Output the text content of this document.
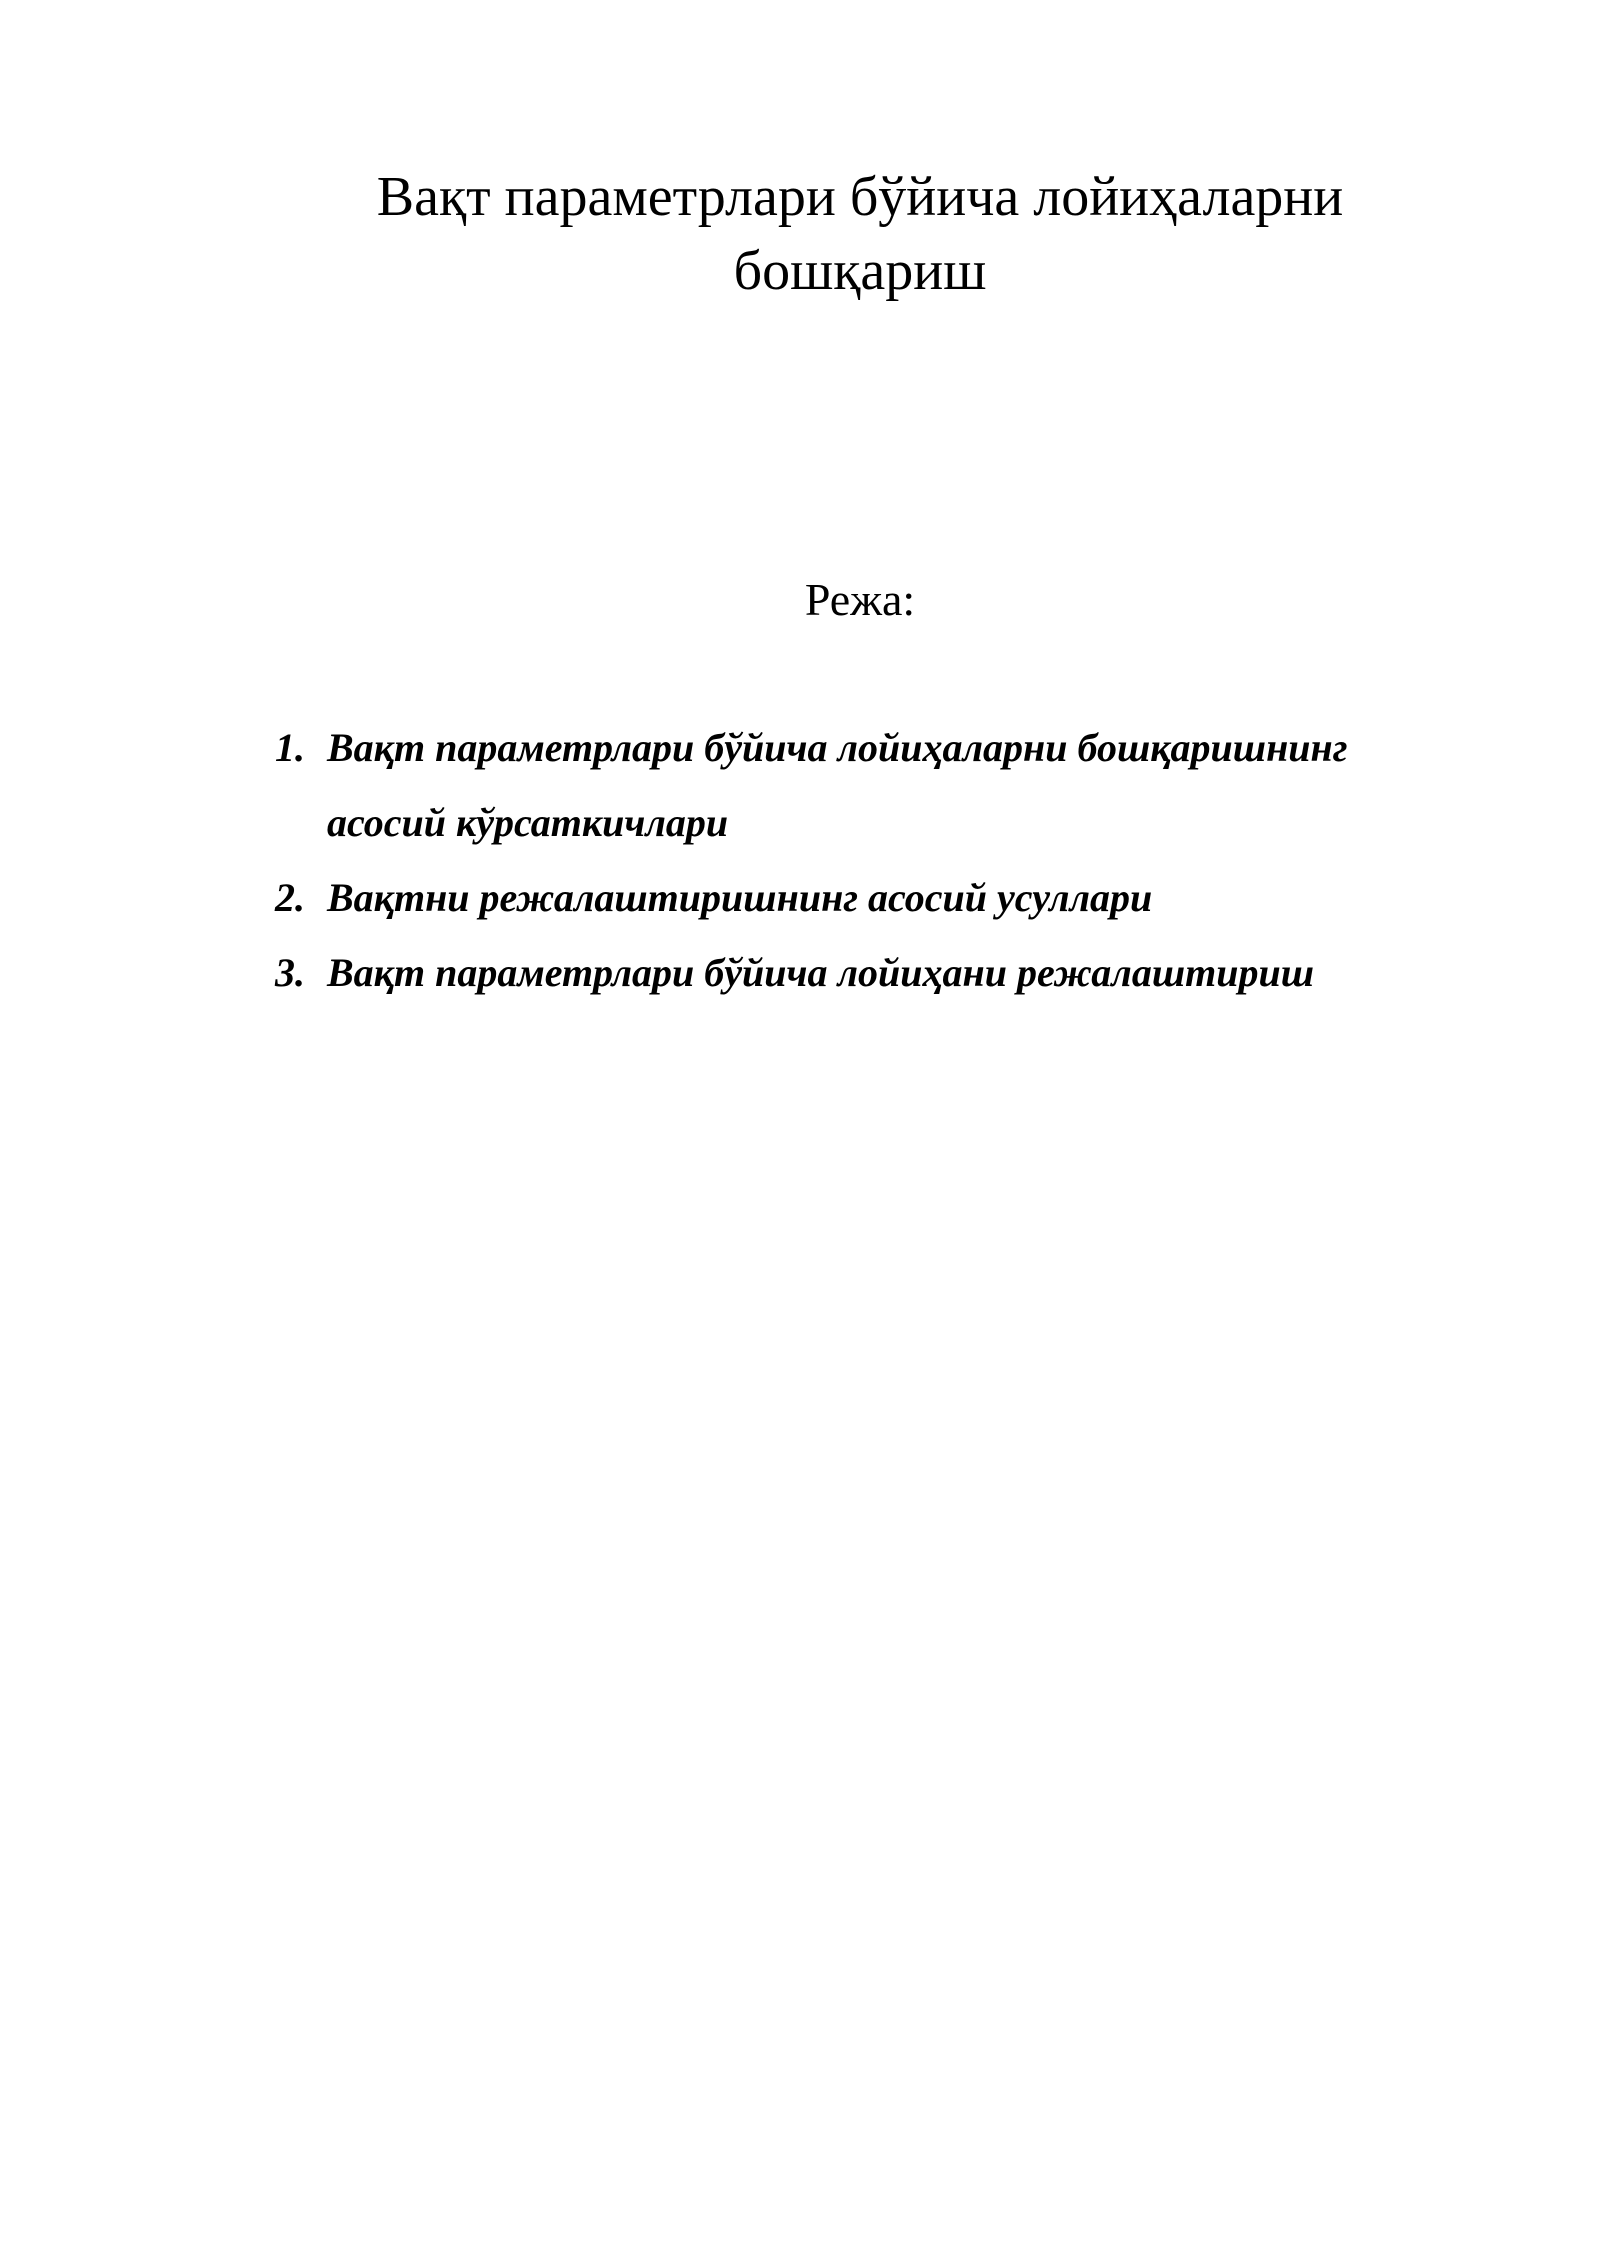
Вақт параметрлари бўйича лойиҳаларни бошқариш

Режа:

1. Вақт параметрлари бўйича лойиҳаларни бошқаришнинг асосий кўрсаткичлари
2. Вақтни режалаштиришнинг асосий усуллари
3. Вақт параметрлари бўйича лойиҳани режалаштириш
